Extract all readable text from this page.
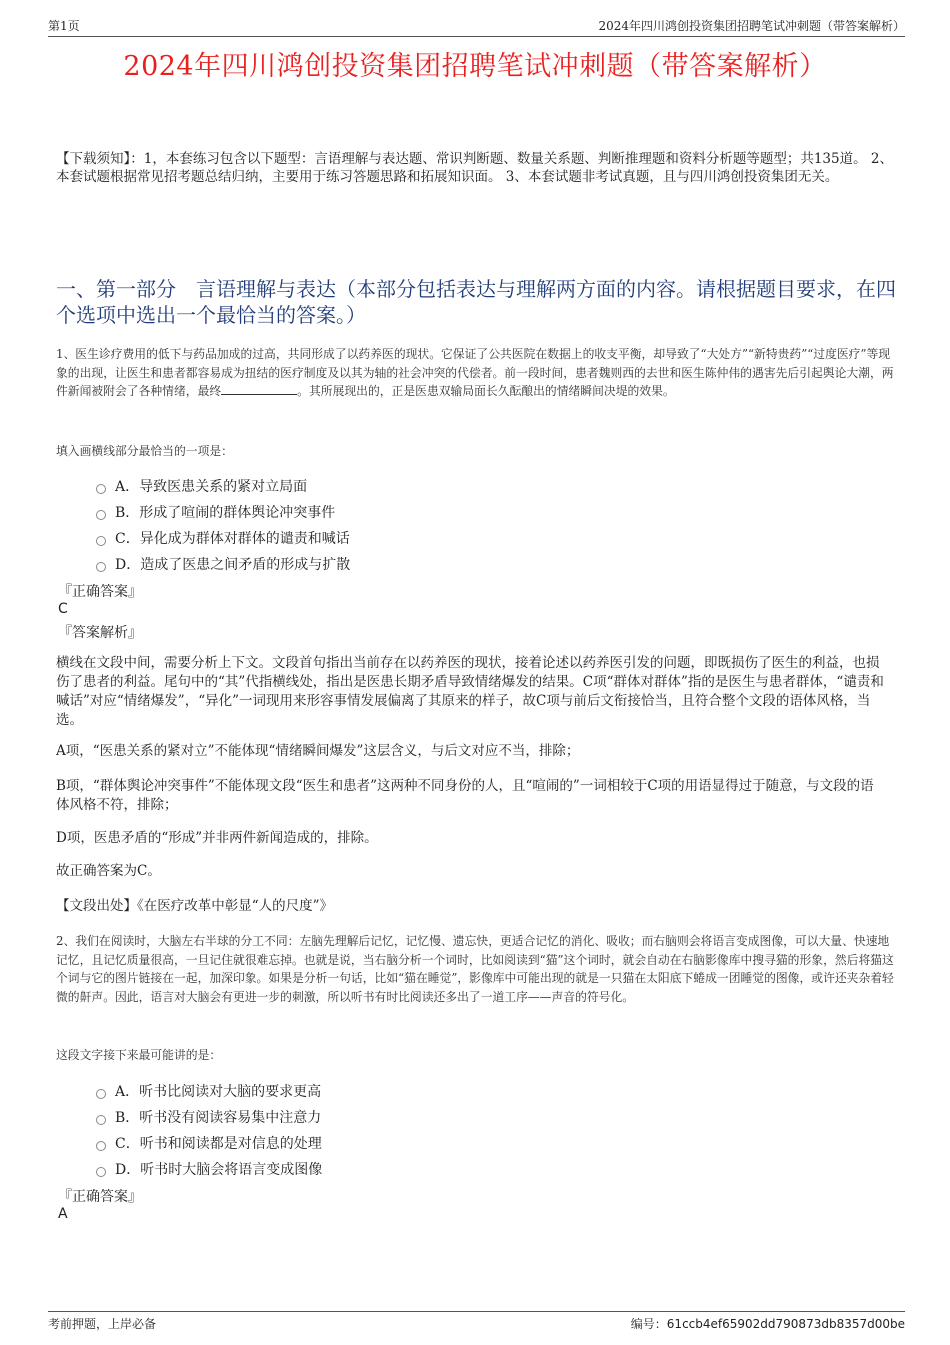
第1页	2024年四川鸿创投资集团招聘笔试冲刺题（带答案解析）
2024年四川鸿创投资集团招聘笔试冲刺题（带答案解析）
【下载须知】：1，本套练习包含以下题型：言语理解与表达题、常识判断题、数量关系题、判断推理题和资料分析题等题型；共135道。 2、本套试题根据常见招考题总结归纳，主要用于练习答题思路和拓展知识面。 3、本套试题非考试真题，且与四川鸿创投资集团无关。
一、第一部分　言语理解与表达（本部分包括表达与理解两方面的内容。请根据题目要求，在四个选项中选出一个最恰当的答案。）
1、医生诊疗费用的低下与药品加成的过高，共同形成了以药养医的现状。它保证了公共医院在数据上的收支平衡，却导致了“大处方”“新特贵药”“过度医疗”等现象的出现，让医生和患者都容易成为扭结的医疗制度及以其为轴的社会冲突的代偿者。前一段时间，患者魏则西的去世和医生陈仲伟的遇害先后引起舆论大潮，两件新闻被附会了各种情绪，最终	。其所展现出的，正是医患双输局面长久酝酿出的情绪瞬间决堤的效果。
填入画横线部分最恰当的一项是：
A．导致医患关系的紧对立局面
B．形成了喧闹的群体舆论冲突事件
C．异化成为群体对群体的谴责和喊话
D．造成了医患之间矛盾的形成与扩散
『正确答案』
C
『答案解析』
横线在文段中间，需要分析上下文。文段首句指出当前存在以药养医的现状，接着论述以药养医引发的问题，即既损伤了医生的利益，也损伤了患者的利益。尾句中的“其”代指横线处，指出是医患长期矛盾导致情绪爆发的结果。C项“群体对群体”指的是医生与患者群体，“谴责和喊话”对应“情绪爆发”，“异化”一词现用来形容事情发展偏离了其原来的样子，故C项与前后文衔接恰当，且符合整个文段的语体风格，当选。
A项，“医患关系的紧对立”不能体现“情绪瞬间爆发”这层含义，与后文对应不当，排除；
B项，“群体舆论冲突事件”不能体现文段“医生和患者”这两种不同身份的人，且“喧闹的”一词相较于C项的用语显得过于随意，与文段的语体风格不符，排除；
D项，医患矛盾的“形成”并非两件新闻造成的，排除。
故正确答案为C。
【文段出处】《在医疗改革中彰显“人的尺度”》
2、我们在阅读时，大脑左右半球的分工不同：左脑先理解后记忆，记忆慢、遗忘快，更适合记忆的消化、吸收；而右脑则会将语言变成图像，可以大量、快速地记忆，且记忆质量很高，一旦记住就很难忘掉。也就是说，当右脑分析一个词时，比如阅读到“猫”这个词时，就会自动在右脑影像库中搜寻猫的形象，然后将猫这个词与它的图片链接在一起，加深印象。如果是分析一句话，比如“猫在睡觉”，影像库中可能出现的就是一只猫在太阳底下蜷成一团睡觉的图像，或许还夹杂着轻微的鼾声。因此，语言对大脑会有更进一步的刺激，所以听书有时比阅读还多出了一道工序——声音的符号化。
这段文字接下来最可能讲的是：
A．听书比阅读对大脑的要求更高
B．听书没有阅读容易集中注意力
C．听书和阅读都是对信息的处理
D．听书时大脑会将语言变成图像
『正确答案』
A
考前押题，上岸必备	编号：61ccb4ef65902dd790873db8357d00be
